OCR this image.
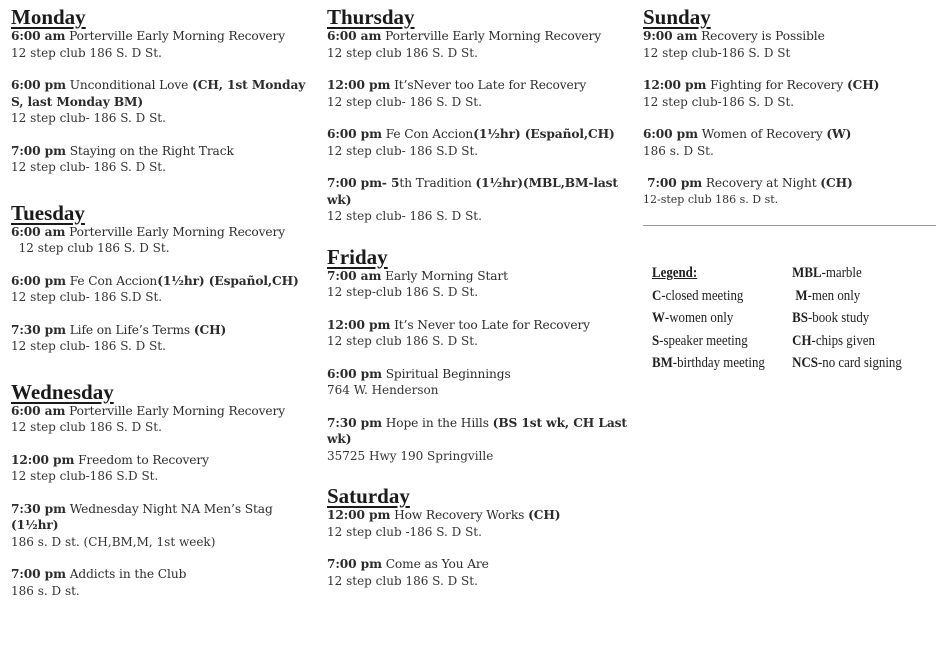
Monday
6:00 am Porterville Early Morning Recovery
12 step club 186 S. D St.
6:00 pm Unconditional Love (CH, 1st Monday S, last Monday BM)
12 step club- 186 S. D St.
7:00 pm Staying on the Right Track
12 step club- 186 S. D St.
Tuesday
6:00 am Porterville Early Morning Recovery
12 step club 186 S. D St.
6:00 pm Fe Con Accion(1½hr) (Español,CH)
12 step club- 186 S.D St.
7:30 pm Life on Life’s Terms (CH)
12 step club- 186 S. D St.
Wednesday
6:00 am Porterville Early Morning Recovery
12 step club 186 S. D St.
12:00 pm Freedom to Recovery
12 step club-186 S.D St.
7:30 pm Wednesday Night NA Men’s Stag (1½hr)
186 s. D st. (CH,BM,M, 1st week)
7:00 pm Addicts in the Club
186 s. D st.
Thursday
6:00 am Porterville Early Morning Recovery
12 step club 186 S. D St.
12:00 pm It’sNever too Late for Recovery
12 step club- 186 S. D St.
6:00 pm Fe Con Accion(1½hr) (Español,CH)
12 step club- 186 S.D St.
7:00 pm- 5th Tradition (1½hr)(MBL,BM-last wk)
12 step club- 186 S. D St.
Friday
7:00 am Early Morning Start
12 step-club 186 S. D St.
12:00 pm It’s Never too Late for Recovery
12 step club 186 S. D St.
6:00 pm Spiritual Beginnings
764 W. Henderson
7:30 pm Hope in the Hills (BS 1st wk, CH Last wk)
35725 Hwy 190 Springville
Saturday
12:00 pm How Recovery Works (CH)
12 step club -186 S. D St.
7:00 pm Come as You Are
12 step club 186 S. D St.
Sunday
9:00 am Recovery is Possible
12 step club-186 S. D St
12:00 pm Fighting for Recovery (CH)
12 step club-186 S. D St.
6:00 pm Women of Recovery (W)
186 s. D St.
7:00 pm Recovery at Night (CH)
12-step club 186 s. D st.
Legend:
C-closed meeting
W-women only
S-speaker meeting
BM-birthday meeting
MBL-marble
M-men only
BS-book study
CH-chips given
NCS-no card signing
